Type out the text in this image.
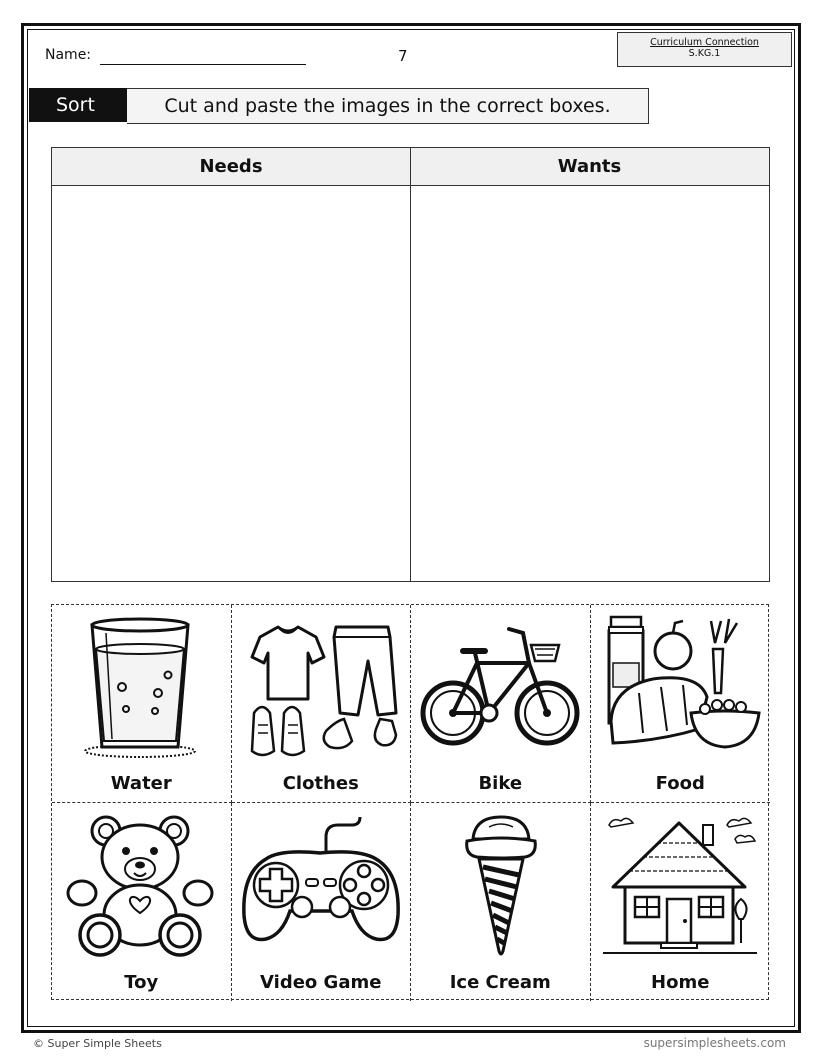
Name:	7
Curriculum Connection
S.KG.1
Sort	Cut and paste the images in the correct boxes.
Needs	Wants
Water	Clothes	Bike	Food
Toy	Video Game	Ice Cream	Home
© Super Simple Sheets	supersimplesheets.com
